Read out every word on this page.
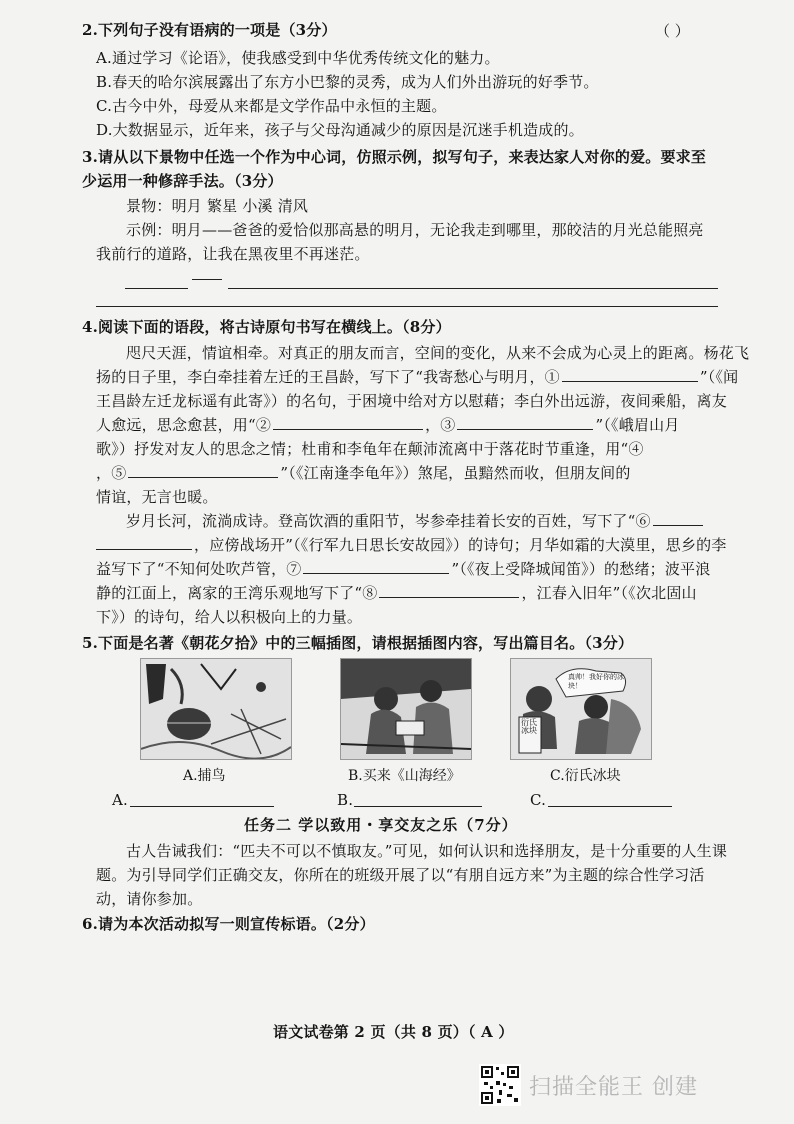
2.下列句子没有语病的一项是（3分）	（ ）
A.通过学习《论语》，使我感受到中华优秀传统文化的魅力。
B.春天的哈尔滨展露出了东方小巴黎的灵秀，成为人们外出游玩的好季节。
C.古今中外，母爱从来都是文学作品中永恒的主题。
D.大数据显示，近年来，孩子与父母沟通减少的原因是沉迷手机造成的。
3.请从以下景物中任选一个作为中心词，仿照示例，拟写句子，来表达家人对你的爱。要求至
少运用一种修辞手法。（3分）
景物：明月 繁星 小溪 清风
示例：明月——爸爸的爱恰似那高悬的明月，无论我走到哪里，那皎洁的月光总能照亮
我前行的道路，让我在黑夜里不再迷茫。
4.阅读下面的语段，将古诗原句书写在横线上。（8分）
咫尺天涯，情谊相牵。对真正的朋友而言，空间的变化，从来不会成为心灵上的距离。杨花飞
扬的日子里，李白牵挂着左迁的王昌龄，写下了“我寄愁心与明月，①	”（《闻
王昌龄左迁龙标遥有此寄》）的名句，于困境中给对方以慰藉；李白外出远游，夜间乘船，离友
人愈远，思念愈甚，用“②	，③	”（《峨眉山月
歌》）抒发对友人的思念之情；杜甫和李龟年在颠沛流离中于落花时节重逢，用“④
，⑤	”（《江南逢李龟年》）煞尾，虽黯然而收，但朋友间的
情谊，无言也暖。
岁月长河，流淌成诗。登高饮酒的重阳节，岑参牵挂着长安的百姓，写下了“⑥
，应傍战场开”（《行军九日思长安故园》）的诗句；月华如霜的大漠里，思乡的李
益写下了“不知何处吹芦管，⑦	”（《夜上受降城闻笛》）的愁绪；波平浪
静的江面上，离家的王湾乐观地写下了“⑧	，江春入旧年”（《次北固山
下》）的诗句，给人以积极向上的力量。
5.下面是名著《朝花夕拾》中的三幅插图，请根据插图内容，写出篇目名。（3分）
真帅！我好你的冰块！
衍氏冰块
A.捕鸟	B.买来《山海经》	C.衍氏冰块
A.	B.	C.
任务二 学以致用・享交友之乐（7分）
古人告诫我们：“匹夫不可以不慎取友。”可见，如何认识和选择朋友，是十分重要的人生课
题。为引导同学们正确交友，你所在的班级开展了以“有朋自远方来”为主题的综合性学习活
动，请你参加。
6.请为本次活动拟写一则宣传标语。（2分）
语文试卷第 2 页（共 8 页）（ A ）
扫描全能王 创建
